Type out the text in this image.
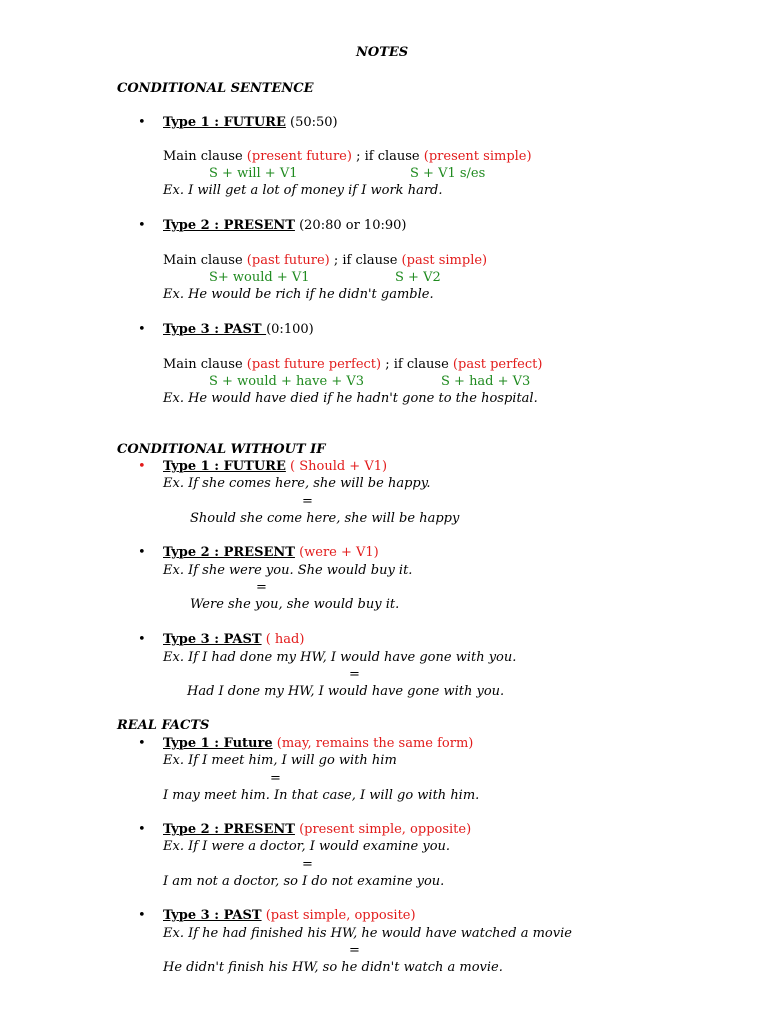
NOTES
CONDITIONAL SENTENCE
• Type 1 : FUTURE (50:50)
Main clause (present future) ; if clause (present simple)
S + will + V1	S + V1 s/es
Ex. I will get a lot of money if I work hard.
• Type 2 : PRESENT (20:80 or 10:90)
Main clause (past future) ; if clause (past simple)
S+ would + V1	S + V2
Ex. He would be rich if he didn't gamble.
• Type 3 : PAST (0:100)
Main clause (past future perfect) ; if clause (past perfect)
S + would + have + V3	S + had + V3
Ex. He would have died if he hadn't gone to the hospital.
CONDITIONAL WITHOUT IF
• Type 1 : FUTURE ( Should + V1)
Ex. If she comes here, she will be happy.
=
Should she come here, she will be happy
• Type 2 : PRESENT (were + V1)
Ex. If she were you. She would buy it.
=
Were she you, she would buy it.
• Type 3 : PAST ( had)
Ex. If I had done my HW, I would have gone with you.
=
Had I done my HW, I would have gone with you.
REAL FACTS
• Type 1 : Future (may, remains the same form)
Ex. If I meet him, I will go with him
=
I may meet him. In that case, I will go with him.
• Type 2 : PRESENT (present simple, opposite)
Ex. If I were a doctor, I would examine you.
=
I am not a doctor, so I do not examine you.
• Type 3 : PAST (past simple, opposite)
Ex. If he had finished his HW, he would have watched a movie
=
He didn't finish his HW, so he didn't watch a movie.
